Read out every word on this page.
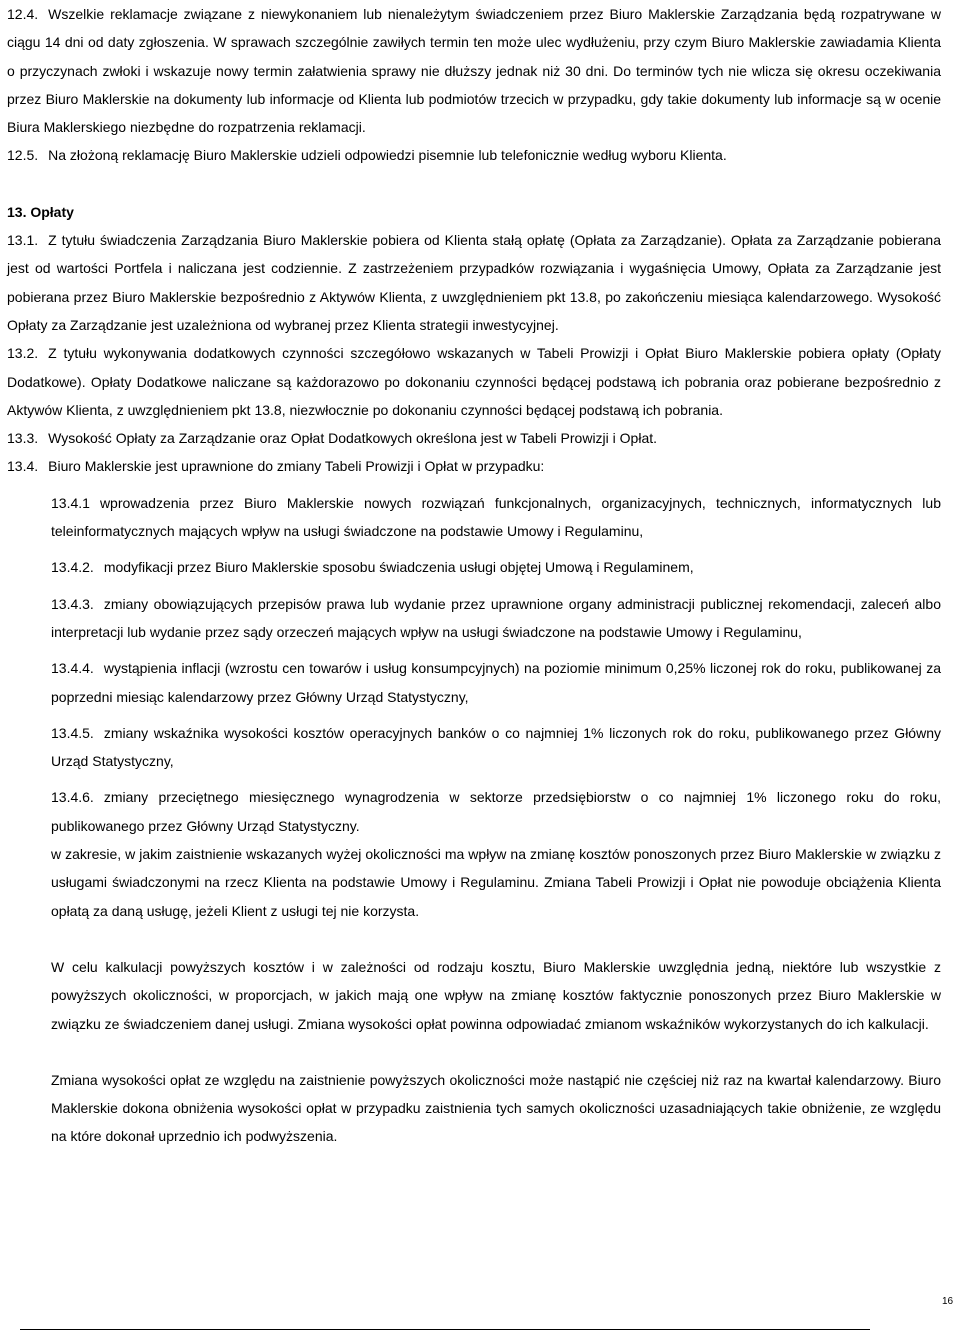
12.4. Wszelkie reklamacje związane z niewykonaniem lub nienależytym świadczeniem przez Biuro Maklerskie Zarządzania będą rozpatrywane w ciągu 14 dni od daty zgłoszenia. W sprawach szczególnie zawiłych termin ten może ulec wydłużeniu, przy czym Biuro Maklerskie zawiadamia Klienta o przyczynach zwłoki i wskazuje nowy termin załatwienia sprawy nie dłuższy jednak niż 30 dni. Do terminów tych nie wlicza się okresu oczekiwania przez Biuro Maklerskie na dokumenty lub informacje od Klienta lub podmiotów trzecich w przypadku, gdy takie dokumenty lub informacje są w ocenie Biura Maklerskiego niezbędne do rozpatrzenia reklamacji.

12.5. Na złożoną reklamację Biuro Maklerskie udzieli odpowiedzi pisemnie lub telefonicznie według wyboru Klienta.

13. Opłaty

13.1. Z tytułu świadczenia Zarządzania Biuro Maklerskie pobiera od Klienta stałą opłatę (Opłata za Zarządzanie). Opłata za Zarządzanie pobierana jest od wartości Portfela i naliczana jest codziennie. Z zastrzeżeniem przypadków rozwiązania i wygaśnięcia Umowy, Opłata za Zarządzanie jest pobierana przez Biuro Maklerskie bezpośrednio z Aktywów Klienta, z uwzględnieniem pkt 13.8, po zakończeniu miesiąca kalendarzowego. Wysokość Opłaty za Zarządzanie jest uzależniona od wybranej przez Klienta strategii inwestycyjnej.

13.2. Z tytułu wykonywania dodatkowych czynności szczegółowo wskazanych w Tabeli Prowizji i Opłat Biuro Maklerskie pobiera opłaty (Opłaty Dodatkowe). Opłaty Dodatkowe naliczane są każdorazowo po dokonaniu czynności będącej podstawą ich pobrania oraz pobierane bezpośrednio z Aktywów Klienta, z uwzględnieniem pkt 13.8, niezwłocznie po dokonaniu czynności będącej podstawą ich pobrania.

13.3. Wysokość Opłaty za Zarządzanie oraz Opłat Dodatkowych określona jest w Tabeli Prowizji i Opłat.

13.4. Biuro Maklerskie jest uprawnione do zmiany Tabeli Prowizji i Opłat w przypadku:

13.4.1 wprowadzenia przez Biuro Maklerskie nowych rozwiązań funkcjonalnych, organizacyjnych, technicznych, informatycznych lub teleinformatycznych mających wpływ na usługi świadczone na podstawie Umowy i Regulaminu,

13.4.2. modyfikacji przez Biuro Maklerskie sposobu świadczenia usługi objętej Umową i Regulaminem,

13.4.3. zmiany obowiązujących przepisów prawa lub wydanie przez uprawnione organy administracji publicznej rekomendacji, zaleceń albo interpretacji lub wydanie przez sądy orzeczeń mających wpływ na usługi świadczone na podstawie Umowy i Regulaminu,

13.4.4. wystąpienia inflacji (wzrostu cen towarów i usług konsumpcyjnych) na poziomie minimum 0,25% liczonej rok do roku, publikowanej za poprzedni miesiąc kalendarzowy przez Główny Urząd Statystyczny,

13.4.5. zmiany wskaźnika wysokości kosztów operacyjnych banków o co najmniej 1% liczonych rok do roku, publikowanego przez Główny Urząd Statystyczny,

13.4.6. zmiany przeciętnego miesięcznego wynagrodzenia w sektorze przedsiębiorstw o co najmniej 1% liczonego roku do roku, publikowanego przez Główny Urząd Statystyczny.

w zakresie, w jakim zaistnienie wskazanych wyżej okoliczności ma wpływ na zmianę kosztów ponoszonych przez Biuro Maklerskie w związku z usługami świadczonymi na rzecz Klienta na podstawie Umowy i Regulaminu. Zmiana Tabeli Prowizji i Opłat nie powoduje obciążenia Klienta opłatą za daną usługę, jeżeli Klient z usługi tej nie korzysta.

W celu kalkulacji powyższych kosztów i w zależności od rodzaju kosztu, Biuro Maklerskie uwzględnia jedną, niektóre lub wszystkie z powyższych okoliczności, w proporcjach, w jakich mają one wpływ na zmianę kosztów faktycznie ponoszonych przez Biuro Maklerskie w związku ze świadczeniem danej usługi. Zmiana wysokości opłat powinna odpowiadać zmianom wskaźników wykorzystanych do ich kalkulacji.

Zmiana wysokości opłat ze względu na zaistnienie powyższych okoliczności może nastąpić nie częściej niż raz na kwartał kalendarzowy. Biuro Maklerskie dokona obniżenia wysokości opłat w przypadku zaistnienia tych samych okoliczności uzasadniających takie obniżenie, ze względu na które dokonał uprzednio ich podwyższenia.

16
